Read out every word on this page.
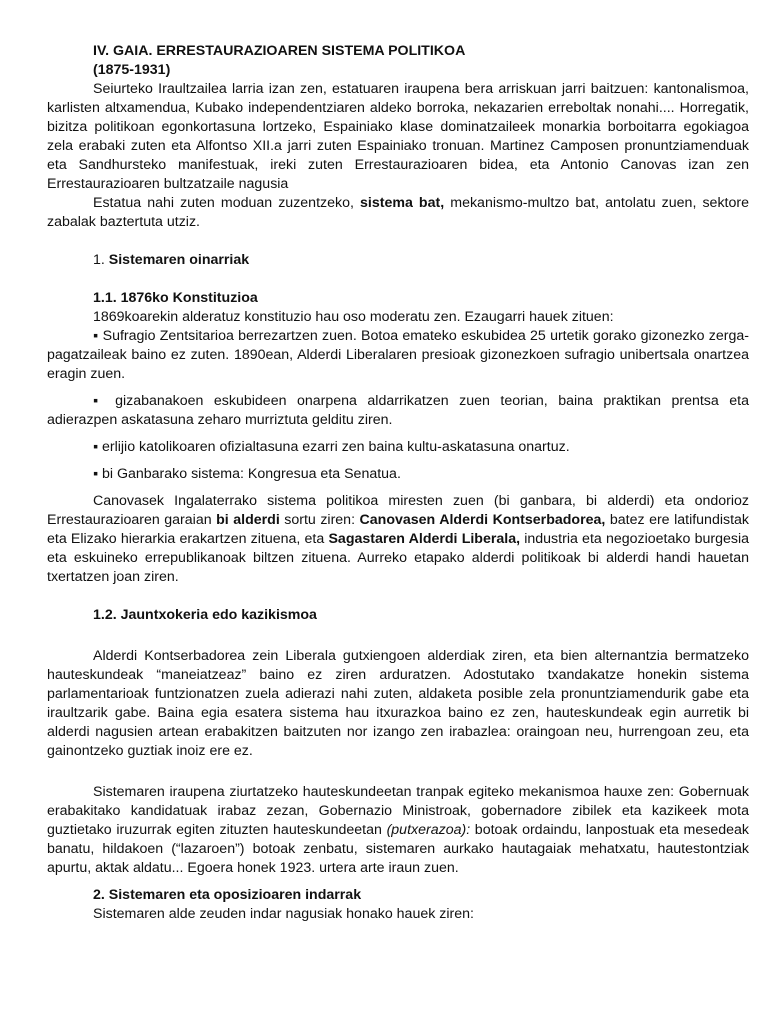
IV. GAIA. ERRESTAURAZIOAREN SISTEMA POLITIKOA
(1875-1931)

Seiurteko Iraultzailea larria izan zen, estatuaren iraupena bera arriskuan jarri baitzuen: kantonalismoa, karlisten altxamendua, Kubako independentziaren aldeko borroka, nekazarien erreboltak nonahi.... Horregatik, bizitza politikoan egonkortasuna lortzeko, Espainiako klase dominatzaileek monarkia borboitarra egokiagoa zela erabaki zuten eta Alfontso XII.a jarri zuten Espainiako tronuan. Martinez Camposen pronuntziamenduak eta Sandhursteko manifestuak, ireki zuten Errestaurazioaren bidea, eta Antonio Canovas izan zen Errestaurazioaren bultzatzaile nagusia

Estatua nahi zuten moduan zuzentzeko, sistema bat, mekanismo-multzo bat, antolatu zuen, sektore zabalak baztertuta utziz.

1. Sistemaren oinarriak
1.1. 1876ko Konstituzioa
1869koarekin alderatuz konstituzio hau oso moderatu zen. Ezaugarri hauek zituen:

▪ Sufragio Zentsitarioa berrezartzen zuen. Botoa emateko eskubidea 25 urtetik gorako gizonezko zerga-pagatzaileak baino ez zuten. 1890ean, Alderdi Liberalaren presioak gizonezkoen sufragio unibertsala onartzea eragin zuen.

▪ gizabanakoen eskubideen onarpena aldarrikatzen zuen teorian, baina praktikan prentsa eta adierazpen askatasuna zeharo murriztuta gelditu ziren.

▪ erlijio katolikoaren ofizialtasuna ezarri zen baina kultu-askatasuna onartuz.

▪ bi Ganbarako sistema: Kongresua eta Senatua.

Canovasek Ingalaterrako sistema politikoa miresten zuen (bi ganbara, bi alderdi) eta ondorioz Errestaurazioaren garaian bi alderdi sortu ziren: Canovasen Alderdi Kontserbadorea, batez ere latifundistak eta Elizako hierarkia erakartzen zituena, eta Sagastaren Alderdi Liberala, industria eta negozioetako burgesia eta eskuineko errepublikanoak biltzen zituena. Aurreko etapako alderdi politikoak bi alderdi handi hauetan txertatzen joan ziren.

1.2. Jauntxokeria edo kazikismoa

Alderdi Kontserbadorea zein Liberala gutxiengoen alderdiak ziren, eta bien alternantzia bermatzeko hauteskundeak “maneiatzeaz” baino ez ziren arduratzen. Adostutako txandakatze honekin sistema parlamentarioak funtzionatzen zuela adierazi nahi zuten, aldaketa posible zela pronuntziamendurik gabe eta iraultzarik gabe. Baina egia esatera sistema hau itxurazkoa baino ez zen, hauteskundeak egin aurretik bi alderdi nagusien artean erabakitzen baitzuten nor izango zen irabazlea: oraingoan neu, hurrengoan zeu, eta gainontzeko guztiak inoiz ere ez.

Sistemaren iraupena ziurtatzeko hauteskundeetan tranpak egiteko mekanismoa hauxe zen: Gobernuak erabakitako kandidatuak irabaz zezan, Gobernazio Ministroak, gobernadore zibilek eta kazikeek mota guztietako iruzurrak egiten zituzten hauteskundeetan (putxerazoa): botoak ordaindu, lanpostuak eta mesedeak banatu, hildakoen (“lazaroen”) botoak zenbatu, sistemaren aurkako hautagaiak mehatxatu, hautestontziak apurtu, aktak aldatu... Egoera honek 1923. urtera arte iraun zuen.

2. Sistemaren eta oposizioaren indarrak
Sistemaren alde zeuden indar nagusiak honako hauek ziren:
